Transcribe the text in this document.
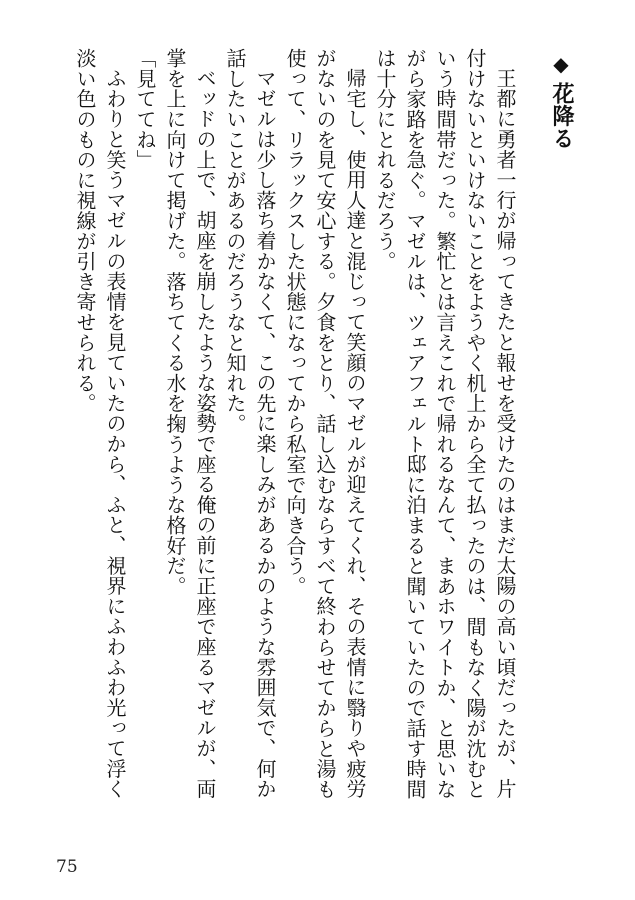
◆花降る

王都に勇者一行が帰ってきたと報せを受けたのはまだ太陽の高い頃だったが、片付けないといけないことをようやく机上から全て払ったのは、間もなく陽が沈むという時間帯だった。繁忙とは言えこれで帰れるなんて、まあホワイトか、と思いながら家路を急ぐ。マゼルは、ツェアフェルト邸に泊まると聞いていたので話す時間は十分にとれるだろう。

帰宅し、使用人達と混じって笑顔のマゼルが迎えてくれ、その表情に翳りや疲労がないのを見て安心する。夕食をとり、話し込むならすべて終わらせてからと湯も使って、リラックスした状態になってから私室で向き合う。

マゼルは少し落ち着かなくて、この先に楽しみがあるかのような雰囲気で、何か話したいことがあるのだろうなと知れた。

ベッドの上で、胡座を崩したような姿勢で座る俺の前に正座で座るマゼルが、両掌を上に向けて掲げた。落ちてくる水を掬うような格好だ。

「見ててね」

ふわりと笑うマゼルの表情を見ていたのから、ふと、視界にふわふわ光って浮く淡い色のものに視線が引き寄せられる。

75
